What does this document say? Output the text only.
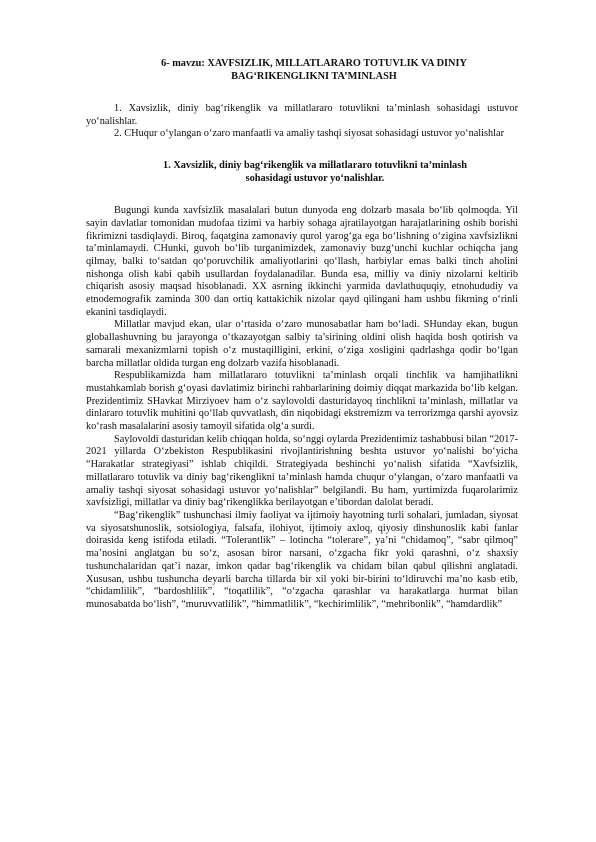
6- mavzu: XAVFSIZLIK, MILLATLARARO TOTUVLIK VA DINIY
BAG‘RIKENGLIKNI TA’MINLASH

1. Xavsizlik, diniy bag‘rikenglik va millatlararo totuvlikni ta’minlash sohasidagi ustuvor yo‘nalishlar.

2. CHuqur o‘ylangan o‘zaro manfaatli va amaliy tashqi siyosat sohasidagi ustuvor yo‘nalishlar

1. Xavsizlik, diniy bag‘rikenglik va millatlararo totuvlikni ta’minlash
sohasidagi ustuvor yo‘nalishlar.

Bugungi kunda xavfsizlik masalalari butun dunyoda eng dolzarb masala bo‘lib qolmoqda. Yil sayin davlatlar tomonidan mudofaa tizimi va harbiy sohaga ajratilayotgan harajatlarining oshib borishi fikrimizni tasdiqlaydi. Biroq, faqatgina zamonaviy qurol yarog‘ga ega bo‘lishning o‘zigina xavfsizlikni ta’minlamaydi. CHunki, guvoh bo‘lib turganimizdek, zamonaviy buzg‘unchi kuchlar ochiqcha jang qilmay, balki to‘satdan qo‘poruvchilik amaliyotlarini qo‘llash, harbiylar emas balki tinch aholini nishonga olish kabi qabih usullardan foydalanadilar. Bunda esa, milliy va diniy nizolarni keltirib chiqarish asosiy maqsad hisoblanadi. XX asrning ikkinchi yarmida davlathuquqiy, etnohududiy va etnodemografik zaminda 300 dan ortiq kattakichik nizolar qayd qilingani ham ushbu fikrning o‘rinli ekanini tasdiqlaydi.

Millatlar mavjud ekan, ular o‘rtasida o‘zaro munosabatlar ham bo‘ladi. SHunday ekan, bugun globallashuvning bu jarayonga o‘tkazayotgan salbiy ta’sirining oldini olish haqida bosh qotirish va samarali mexanizmlarni topish o‘z mustaqilligini, erkini, o‘ziga xosligini qadrlashga qodir bo‘lgan barcha millatlar oldida turgan eng dolzarb vazifa hisoblanadi.

Respublikamizda ham millatlararo totuvlikni ta’minlash orqali tinchlik va hamjihatlikni mustahkamlab borish g‘oyasi davlatimiz birinchi rahbarlarining doimiy diqqat markazida bo‘lib kelgan. Prezidentimiz SHavkat Mirziyoev ham o‘z saylovoldi dasturidayoq tinchlikni ta’minlash, millatlar va dinlararo totuvlik muhitini qo‘llab quvvatlash, din niqobidagi ekstremizm va terrorizmga qarshi ayovsiz ko‘rash masalalarini asosiy tamoyil sifatida olg‘a surdi.

Saylovoldi dasturidan kelib chiqqan holda, so‘nggi oylarda Prezidentimiz tashabbusi bilan “2017-2021 yillarda O‘zbekiston Respublikasini rivojlantirishning beshta ustuvor yo‘nalishi bo‘yicha “Harakatlar strategiyasi” ishlab chiqildi. Strategiyada beshinchi yo‘nalish sifatida “Xavfsizlik, millatlararo totuvlik va diniy bag‘rikenglikni ta’minlash hamda chuqur o‘ylangan, o‘zaro manfaatli va amaliy tashqi siyosat sohasidagi ustuvor yo‘nalishlar” belgilandi. Bu ham, yurtimizda fuqarolarimiz xavfsizligi, millatlar va diniy bag‘rikenglikka berilayotgan e’tibordan dalolat beradi.

“Bag‘rikenglik” tushunchasi ilmiy faoliyat va ijtimoiy hayotning turli sohalari, jumladan, siyosat va siyosatshunoslik, sotsiologiya, falsafa, ilohiyot, ijtimoiy axloq, qiyosiy dinshunoslik kabi fanlar doirasida keng istifoda etiladi. “Tolerantlik” – lotincha “tolerare”, ya’ni “chidamoq”, “sabr qilmoq” ma’nosini anglatgan bu so‘z, asosan biror narsani, o‘zgacha fikr yoki qarashni, o‘z shaxsiy tushunchalaridan qat’i nazar, imkon qadar bag‘rikenglik va chidam bilan qabul qilishni anglatadi. Xususan, ushbu tushuncha deyarli barcha tillarda bir xil yoki bir-birini to‘ldiruvchi ma’no kasb etib, “chidamlilik”, “bardoshlilik”, “toqatlilik”, “o‘zgacha qarashlar va harakatlarga hurmat bilan munosabatda bo‘lish”, “muruvvatlilik”, “himmatlilik”, “kechirimlilik”, “mehribonlik”, “hamdardlik”
